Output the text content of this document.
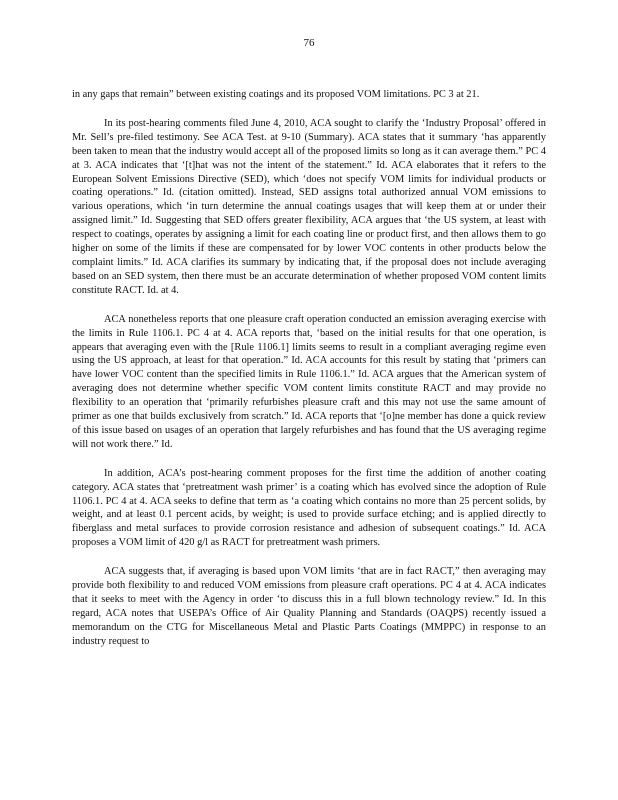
76

in any gaps that remain” between existing coatings and its proposed VOM limitations. PC 3 at 21.

In its post-hearing comments filed June 4, 2010, ACA sought to clarify the ‘Industry Proposal’ offered in Mr. Sell’s pre-filed testimony. See ACA Test. at 9-10 (Summary). ACA states that it summary ‘has apparently been taken to mean that the industry would accept all of the proposed limits so long as it can average them.” PC 4 at 3. ACA indicates that ‘[t]hat was not the intent of the statement.” Id. ACA elaborates that it refers to the European Solvent Emissions Directive (SED), which ‘does not specify VOM limits for individual products or coating operations.” Id. (citation omitted). Instead, SED assigns total authorized annual VOM emissions to various operations, which ‘in turn determine the annual coatings usages that will keep them at or under their assigned limit.” Id. Suggesting that SED offers greater flexibility, ACA argues that ‘the US system, at least with respect to coatings, operates by assigning a limit for each coating line or product first, and then allows them to go higher on some of the limits if these are compensated for by lower VOC contents in other products below the complaint limits.” Id. ACA clarifies its summary by indicating that, if the proposal does not include averaging based on an SED system, then there must be an accurate determination of whether proposed VOM content limits constitute RACT. Id. at 4.

ACA nonetheless reports that one pleasure craft operation conducted an emission averaging exercise with the limits in Rule 1106.1. PC 4 at 4. ACA reports that, ‘based on the initial results for that one operation, is appears that averaging even with the [Rule 1106.1] limits seems to result in a compliant averaging regime even using the US approach, at least for that operation.” Id. ACA accounts for this result by stating that ‘primers can have lower VOC content than the specified limits in Rule 1106.1.” Id. ACA argues that the American system of averaging does not determine whether specific VOM content limits constitute RACT and may provide no flexibility to an operation that ‘primarily refurbishes pleasure craft and this may not use the same amount of primer as one that builds exclusively from scratch.” Id. ACA reports that ‘[o]ne member has done a quick review of this issue based on usages of an operation that largely refurbishes and has found that the US averaging regime will not work there.” Id.

In addition, ACA’s post-hearing comment proposes for the first time the addition of another coating category. ACA states that ‘pretreatment wash primer’ is a coating which has evolved since the adoption of Rule 1106.1. PC 4 at 4. ACA seeks to define that term as ‘a coating which contains no more than 25 percent solids, by weight, and at least 0.1 percent acids, by weight; is used to provide surface etching; and is applied directly to fiberglass and metal surfaces to provide corrosion resistance and adhesion of subsequent coatings.” Id. ACA proposes a VOM limit of 420 g/l as RACT for pretreatment wash primers.

ACA suggests that, if averaging is based upon VOM limits ‘that are in fact RACT,” then averaging may provide both flexibility to and reduced VOM emissions from pleasure craft operations. PC 4 at 4. ACA indicates that it seeks to meet with the Agency in order ‘to discuss this in a full blown technology review.” Id. In this regard, ACA notes that USEPA’s Office of Air Quality Planning and Standards (OAQPS) recently issued a memorandum on the CTG for Miscellaneous Metal and Plastic Parts Coatings (MMPPC) in response to an industry request to
